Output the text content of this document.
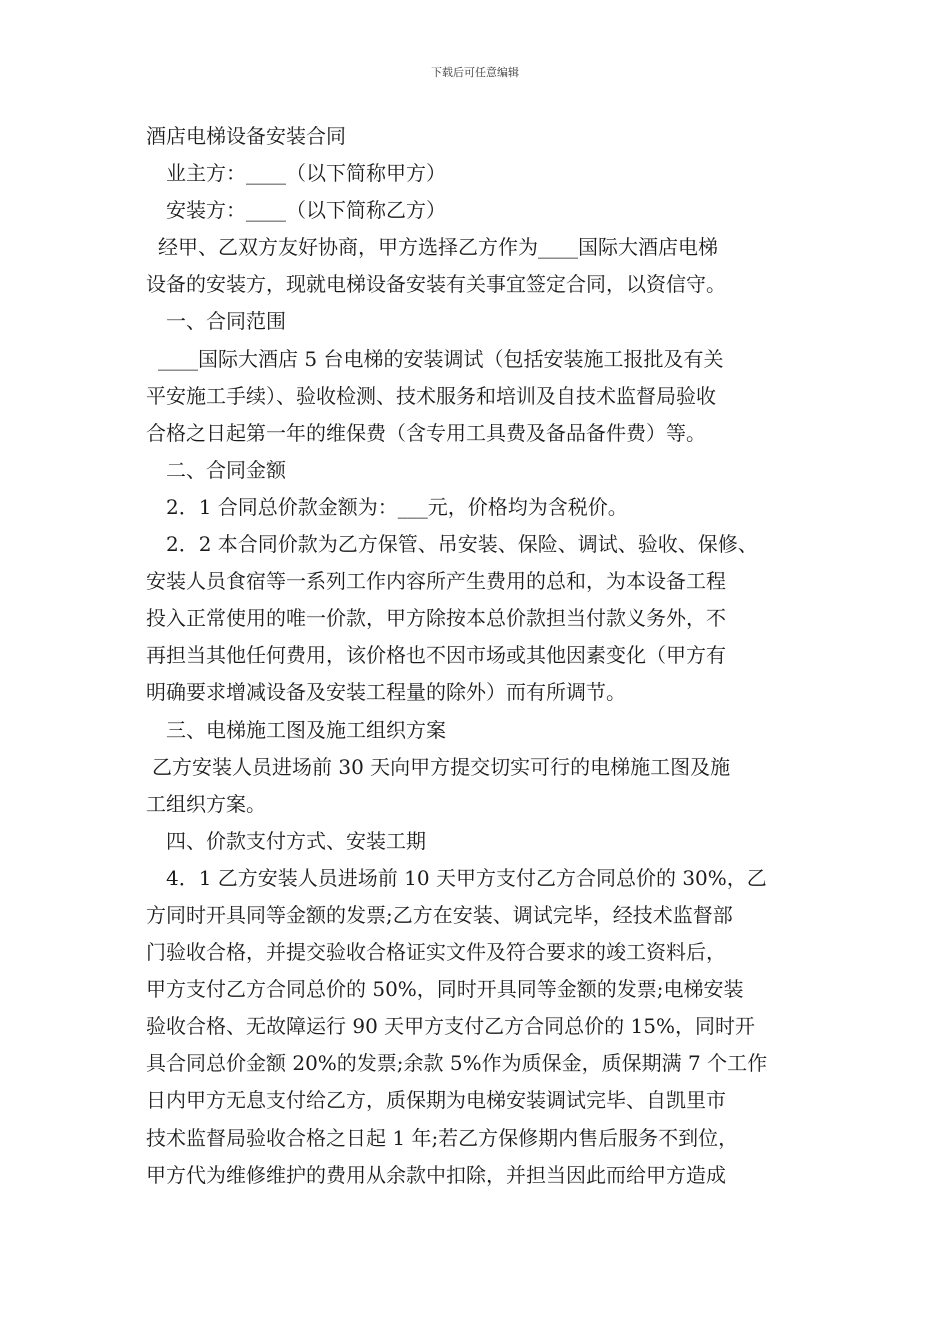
下载后可任意编辑
酒店电梯设备安装合同
业主方：____（以下简称甲方）
安装方：____（以下简称乙方）
经甲、乙双方友好协商，甲方选择乙方作为____国际大酒店电梯
设备的安装方，现就电梯设备安装有关事宜签定合同，以资信守。
一、合同范围
____国际大酒店 5 台电梯的安装调试（包括安装施工报批及有关
平安施工手续）、验收检测、技术服务和培训及自技术监督局验收
合格之日起第一年的维保费（含专用工具费及备品备件费）等。
二、合同金额
2．1 合同总价款金额为：___元，价格均为含税价。
2．2 本合同价款为乙方保管、吊安装、保险、调试、验收、保修、
安装人员食宿等一系列工作内容所产生费用的总和，为本设备工程
投入正常使用的唯一价款，甲方除按本总价款担当付款义务外，不
再担当其他任何费用，该价格也不因市场或其他因素变化（甲方有
明确要求增减设备及安装工程量的除外）而有所调节。
三、电梯施工图及施工组织方案
乙方安装人员进场前 30 天向甲方提交切实可行的电梯施工图及施
工组织方案。
四、价款支付方式、安装工期
4．1 乙方安装人员进场前 10 天甲方支付乙方合同总价的 30%，乙
方同时开具同等金额的发票;乙方在安装、调试完毕，经技术监督部
门验收合格，并提交验收合格证实文件及符合要求的竣工资料后，
甲方支付乙方合同总价的 50%，同时开具同等金额的发票;电梯安装
验收合格、无故障运行 90 天甲方支付乙方合同总价的 15%，同时开
具合同总价金额 20%的发票;余款 5%作为质保金，质保期满 7 个工作
日内甲方无息支付给乙方，质保期为电梯安装调试完毕、自凯里市
技术监督局验收合格之日起 1 年;若乙方保修期内售后服务不到位，
甲方代为维修维护的费用从余款中扣除，并担当因此而给甲方造成
